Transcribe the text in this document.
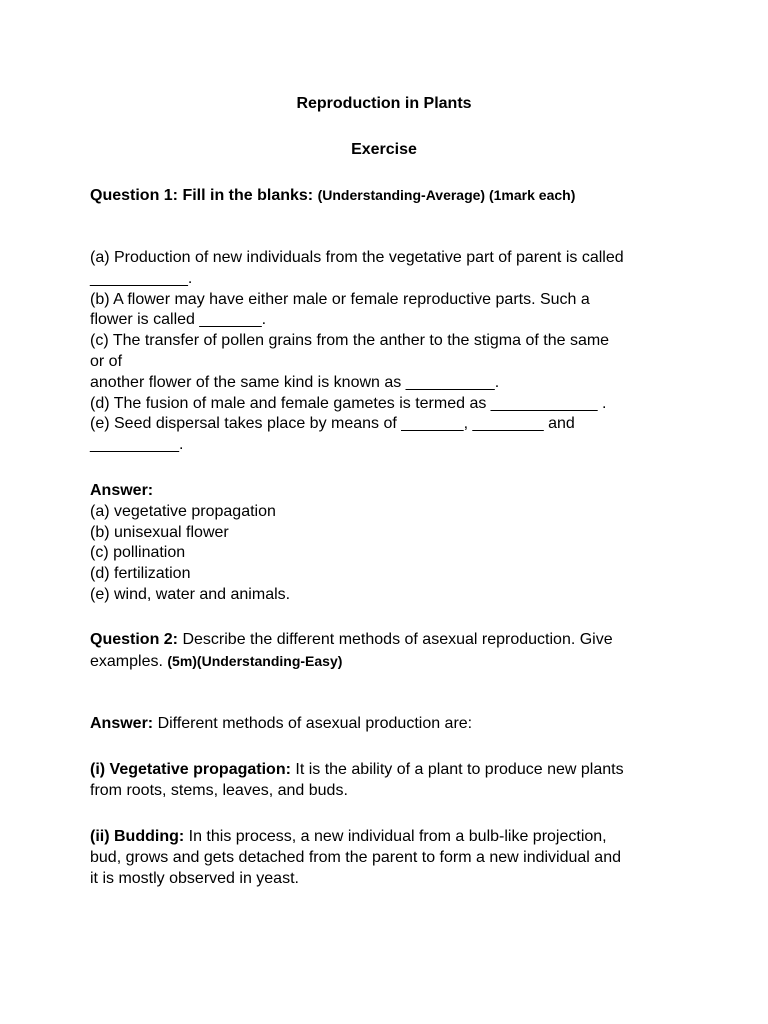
Reproduction in Plants
Exercise
Question 1: Fill in the blanks: (Understanding-Average) (1mark each)
(a) Production of new individuals from the vegetative part of parent is called
___________.
(b) A flower may have either male or female reproductive parts. Such a
flower is called _______.
(c) The transfer of pollen grains from the anther to the stigma of the same
or of
another flower of the same kind is known as __________.
(d) The fusion of male and female gametes is termed as ____________ .
(e) Seed dispersal takes place by means of _______, ________ and
__________.
Answer:
(a) vegetative propagation
(b) unisexual flower
(c) pollination
(d) fertilization
(e) wind, water and animals.
Question 2: Describe the different methods of asexual reproduction. Give
examples. (5m)(Understanding-Easy)
Answer: Different methods of asexual production are:
(i) Vegetative propagation: It is the ability of a plant to produce new plants
from roots, stems, leaves, and buds.
(ii) Budding: In this process, a new individual from a bulb-like projection,
bud, grows and gets detached from the parent to form a new individual and
it is mostly observed in yeast.
